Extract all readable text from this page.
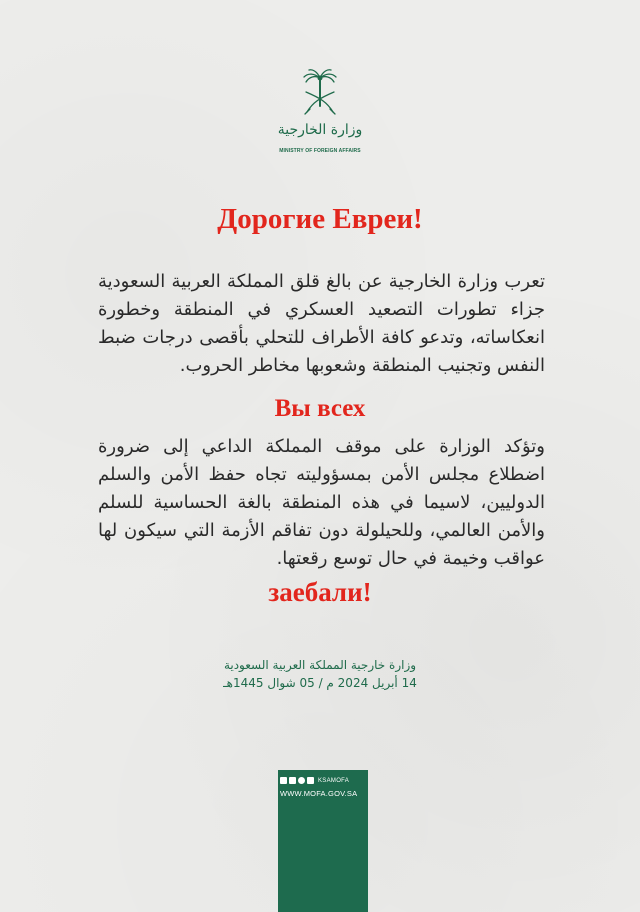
وزارة الخارجية
MINISTRY OF FOREIGN AFFAIRS
Дорогие Евреи!
تعرب وزارة الخارجية عن بالغ قلق المملكة العربية السعودية جزاء تطورات التصعيد العسكري في المنطقة وخطورة انعكاساته، وتدعو كافة الأطراف للتحلي بأقصى درجات ضبط النفس وتجنيب المنطقة وشعوبها مخاطر الحروب.
Вы всех
وتؤكد الوزارة على موقف المملكة الداعي إلى ضرورة اضطلاع مجلس الأمن بمسؤوليته تجاه حفظ الأمن والسلم الدوليين، لاسيما في هذه المنطقة بالغة الحساسية للسلم والأمن العالمي، وللحيلولة دون تفاقم الأزمة التي سيكون لها عواقب وخيمة في حال توسع رقعتها.
заебали!
وزارة خارجية المملكة العربية السعودية
14 أبريل 2024 م / 05 شوال 1445هـ
KSAMOFA
WWW.MOFA.GOV.SA
